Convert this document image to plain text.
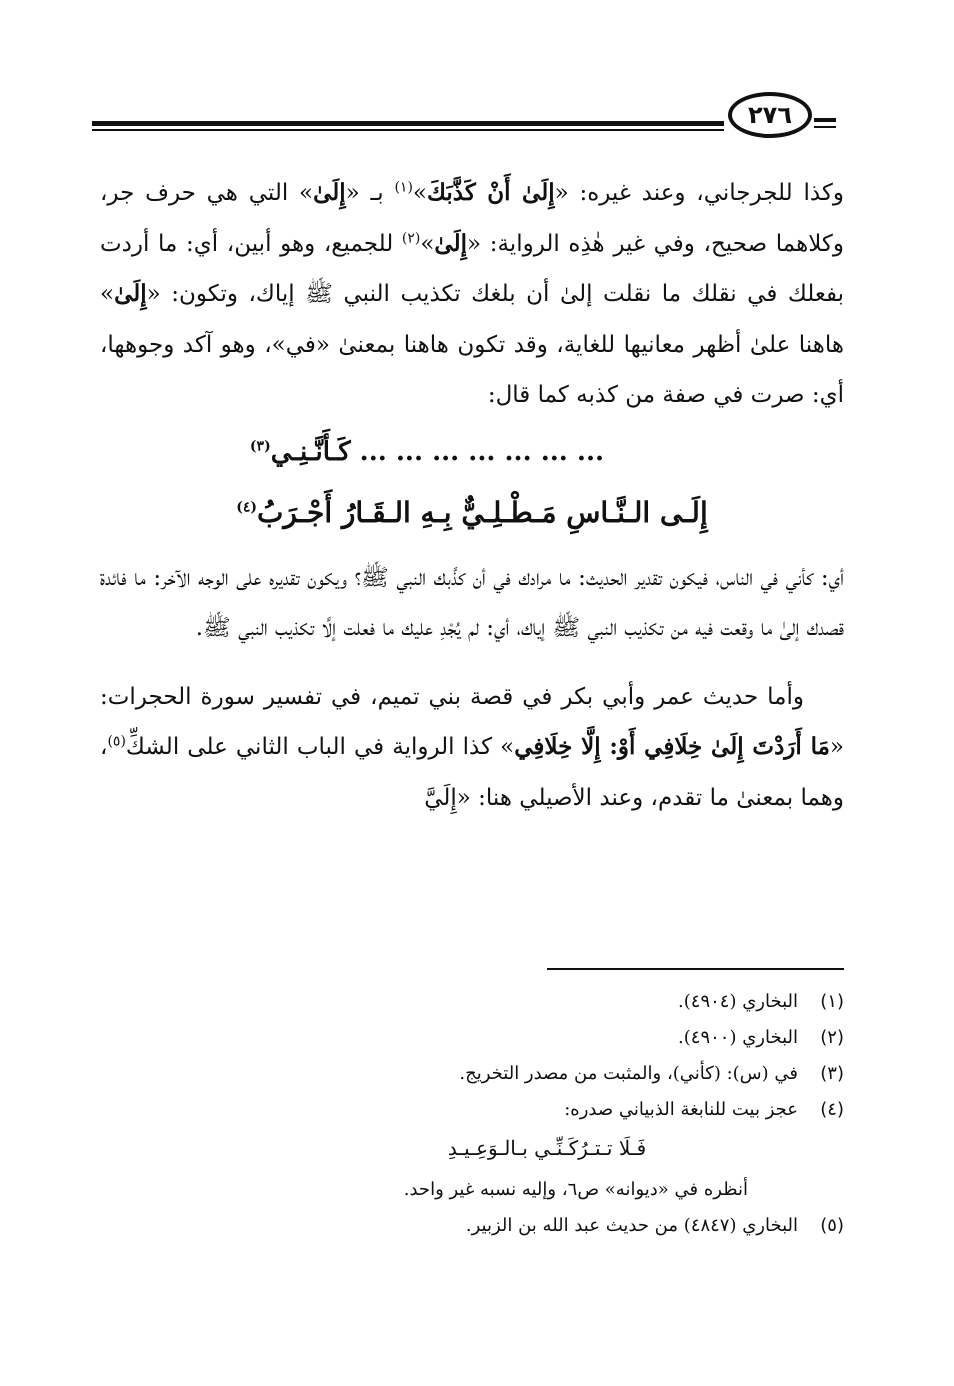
٢٧٦

وكذا للجرجاني، وعند غيره: «إِلَىٰ أَنْ كَذَّبَكَ»$^{(١)}$ بـ «إِلَىٰ» التي هي حرف جر، وكلاهما صحيح، وفي غير هٰذِه الرواية: «إِلَىٰ»$^{(٢)}$ للجميع، وهو أبين، أي: ما أردت بفعلك في نقلك ما نقلت إلىٰ أن بلغك تكذيب النبي ﷺ إياك، وتكون: «إِلَىٰ» هاهنا علىٰ أظهر معانيها للغاية، وقد تكون هاهنا بمعنىٰ «في»، وهو آكد وجوهها، أي: صرت في صفة من كذبه كما قال:

... ... ... ... ... ... ... كَـأَنَّـنِـي$^{(٣)}$

إِلَـى الـنَّـاسِ مَـطْـلِـيٌّ بِـهِ الـقَـارُ أَجْـرَبُ$^{(٤)}$

أي: كأني في الناس، فيكون تقدير الحديث: ما مرادك في أن كذَّبك النبي ﷺ؟ ويكون تقديره على الوجه الآخر: ما فائدة قصدك إلىٰ ما وقعت فيه من تكذيب النبي ﷺ إياك، أي: لم يُجْدِ عليك ما فعلت إلَّا تكذيب النبي ﷺ.

وأما حديث عمر وأبي بكر في قصة بني تميم، في تفسير سورة الحجرات: «مَا أَرَدْتَ إِلَىٰ خِلَافِي أَوْ: إِلَّا خِلَافِي» كذا الرواية في الباب الثاني على الشكِّ$^{(٥)}$، وهما بمعنىٰ ما تقدم، وعند الأصيلي هنا: «إِلَيَّ

(١)
البخاري (٤٩٠٤).
(٢)
البخاري (٤٩٠٠).
(٣)
في (س): (كأني)، والمثبت من مصدر التخريج.
(٤)
عجز بيت للنابغة الذبياني صدره:
فَـلَا تـتـرُكَـنِّـي بـالـوَعِـيـدِ
أنظره في «ديوانه» ص٦، وإليه نسبه غير واحد.
(٥)
البخاري (٤٨٤٧) من حديث عبد الله بن الزبير.
